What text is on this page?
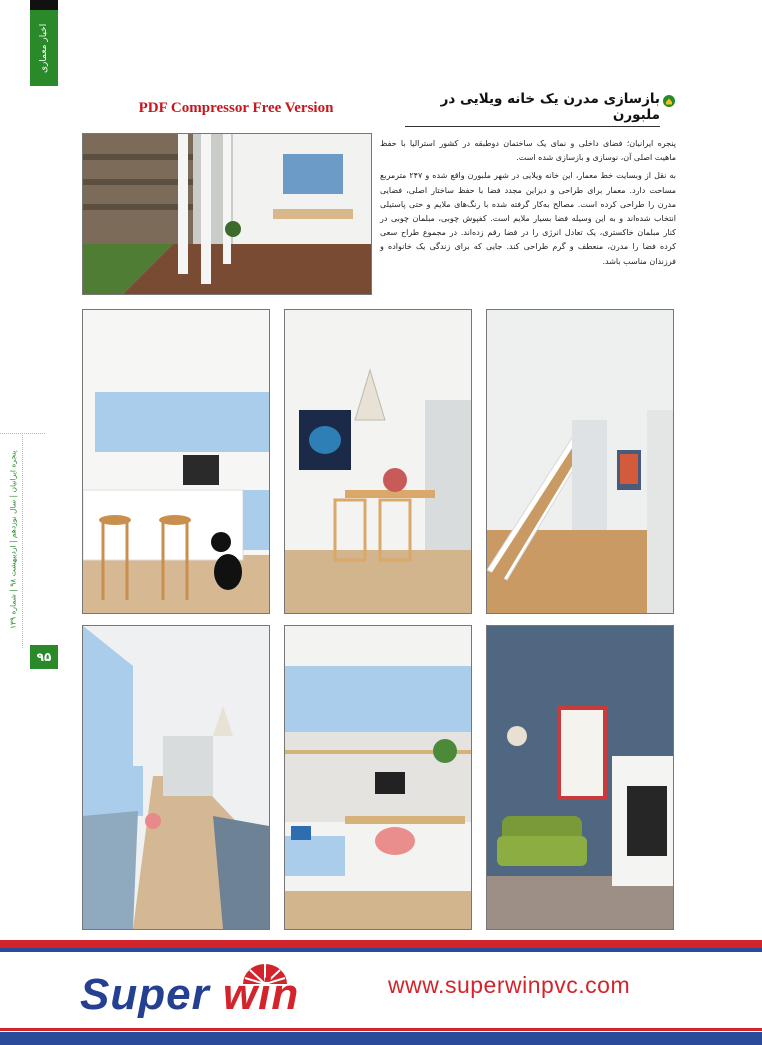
اخبار معماری
PDF Compressor Free Version
بازسازی مدرن یک خانه ویلایی در ملبورن

پنجره ایرانیان؛ فضای داخلی و نمای یک ساختمان دوطبقه در کشور استرالیا با حفظ ماهیت اصلی آن، نوسازی و بازسازی شده است.

به نقل از وبسایت خط معمار، این خانه ویلایی در شهر ملبورن واقع شده و ۲۴۷ مترمربع مساحت دارد. معمار برای طراحی و دیزاین مجدد فضا با حفظ ساختار اصلی، فضایی مدرن را طراحی کرده است. مصالح به‌کار گرفته شده با رنگ‌های ملایم و حتی پاستیلی انتخاب شده‌اند و به این وسیله فضا بسیار ملایم است. کفپوش چوبی، مبلمان چوبی در کنار مبلمان خاکستری، یک تعادل انرژی را در فضا رقم زده‌اند. در مجموع طراح سعی کرده فضا را مدرن، منعطف و گرم طراحی کند. جایی که برای زندگی یک خانواده و فرزندان مناسب باشد.

پنجره ایرانیان | سال نوزدهم | اردیبهشت ۹۸ | شماره ۱۳۹
۹۵
Super win	www.superwinpvc.com
